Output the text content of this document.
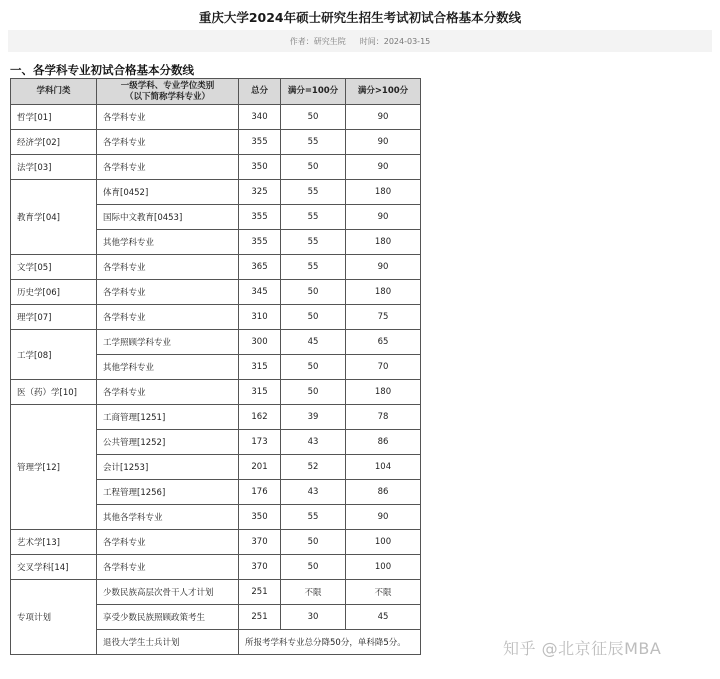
重庆大学2024年硕士研究生招生考试初试合格基本分数线
作者：研究生院 时间：2024-03-15
一、各学科专业初试合格基本分数线
学科门类	一级学科、专业学位类别
（以下简称学科专业）	总分	满分=100分	满分>100分
哲学[01]	各学科专业	340	50	90
经济学[02]	各学科专业	355	55	90
法学[03]	各学科专业	350	50	90
教育学[04]	体育[0452]	325	55	180
	国际中文教育[0453]	355	55	90
	其他学科专业	355	55	180
文学[05]	各学科专业	365	55	90
历史学[06]	各学科专业	345	50	180
理学[07]	各学科专业	310	50	75
工学[08]	工学照顾学科专业	300	45	65
	其他学科专业	315	50	70
医（药）学[10]	各学科专业	315	50	180
管理学[12]	工商管理[1251]	162	39	78
	公共管理[1252]	173	43	86
	会计[1253]	201	52	104
	工程管理[1256]	176	43	86
	其他各学科专业	350	55	90
艺术学[13]	各学科专业	370	50	100
交叉学科[14]	各学科专业	370	50	100
专项计划	少数民族高层次骨干人才计划	251	不限	不限
	享受少数民族照顾政策考生	251	30	45
	退役大学生士兵计划	所报考学科专业总分降50分，单科降5分。			知乎 @北京征辰MBA
